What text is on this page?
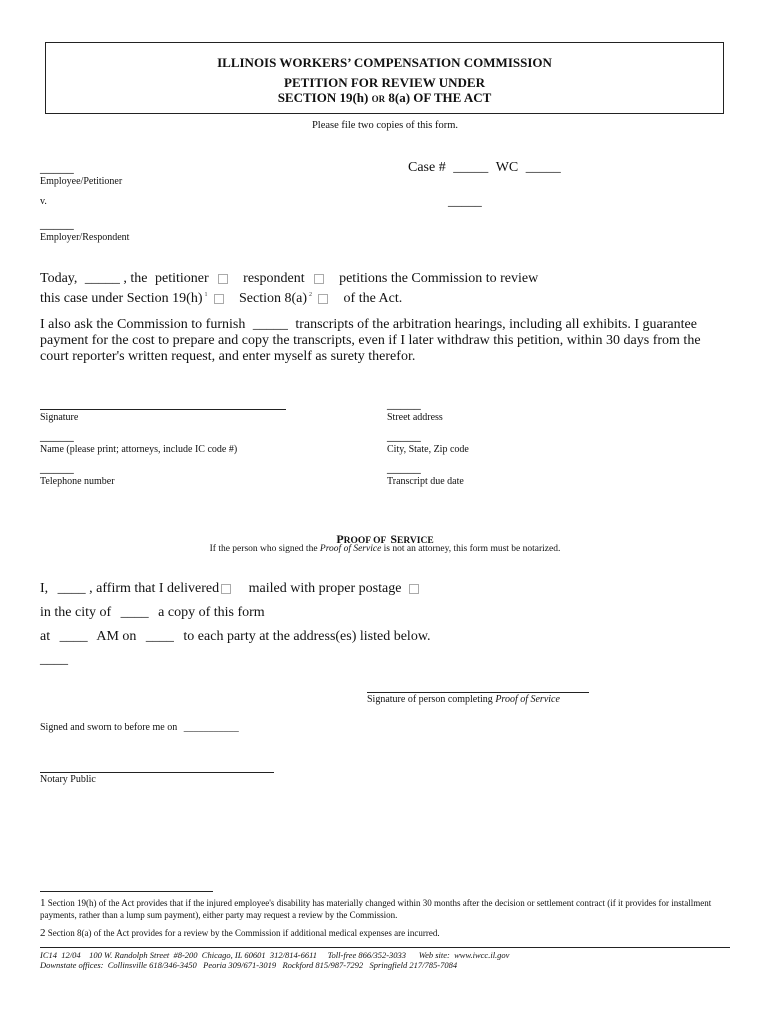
ILLINOIS WORKERS’ COMPENSATION COMMISSION
PETITION FOR REVIEW UNDER
SECTION 19(h) OR 8(a) OF THE ACT
Please file two copies of this form.
_____
Employee/Petitioner
v.
_____
Employer/Respondent
Case # _____ WC _____
_____
Today, _____ , the petitioner respondent petitions the Commission to review
this case under Section 19(h) $^1$ Section 8(a) $^2$ of the Act.
I also ask the Commission to furnish _____ transcripts of the arbitration hearings, including all exhibits. I guarantee payment for the cost to prepare and copy the transcripts, even if I later withdraw this petition, within 30 days from the court reporter's written request, and enter myself as surety therefor.
Signature
_____
Street address
_____
Name (please print; attorneys, include IC code #)
_____
City, State, Zip code
_____
Telephone number
_____
Transcript due date
PROOF OF SERVICE
If the person who signed the Proof of Service is not an attorney, this form must be notarized.
I, ____ , affirm that I delivered mailed with proper postage
in the city of ____ a copy of this form
at ____ AM on ____ to each party at the address(es) listed below.
____
Signature of person completing Proof of Service
Signed and sworn to before me on ___________
Notary Public
1 Section 19(h) of the Act provides that if the injured employee's disability has materially changed within 30 months after the decision or settlement contract (if it provides for installment payments, rather than a lump sum payment), either party may request a review by the Commission.
2 Section 8(a) of the Act provides for a review by the Commission if additional medical expenses are incurred.
IC14  12/04    100 W. Randolph Street  #8-200  Chicago, IL 60601  312/814-6611     Toll-free 866/352-3033      Web site:  www.iwcc.il.gov
Downstate offices:  Collinsville 618/346-3450   Peoria 309/671-3019   Rockford 815/987-7292   Springfield 217/785-7084
